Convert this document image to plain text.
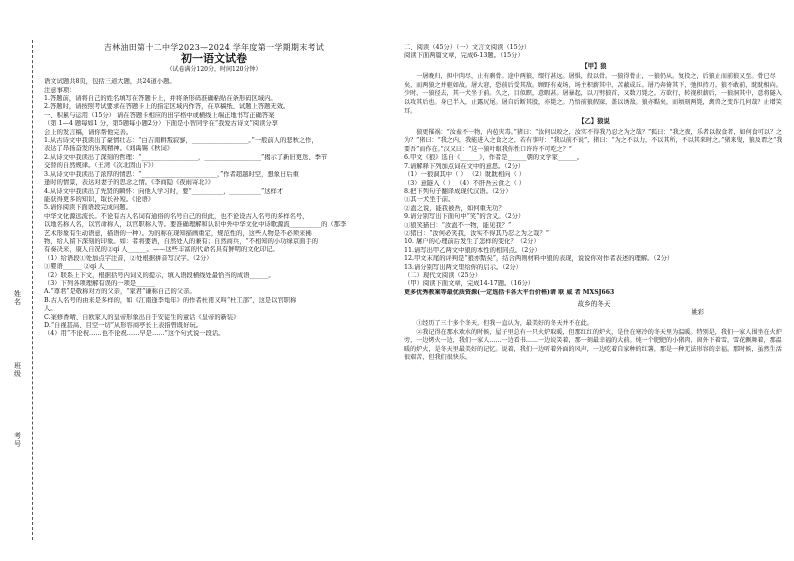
姓名
班级
考号
吉林油田第十二中学2023—2024 学年度第一学期期末考试
初一语文试卷
（试卷满分120分，时间120分钟）
语文试题共8页，包括三道大题，共24道小题。
注意事项：
1.答题前，请将自己的姓名填写在答题卡上，并将条形码准确粘贴在条形码区域内。
2.答题时，请按照考试要求在答题卡上的指定区域内作答，在草稿纸、试题上答题无效。
一、积累与运用（15分） 请在答题卡相应的田字格中或横线上端正地书写正确答案
（第 1—4 题每如1 分，第5题每小题2分）下面是小智同学在“我爱古诗文”阅读分享
会上的发言稿，请你帮他完善。
1.从古诗文中我读出了豪情壮志：“白吉南耕叛寂寥，__________________。”一般前人的悲秋之作，
表达了昂扬奋发的乐观精神。《刘禹锡《秋词》
2.从诗文中我读出了深刻的哲理：“__________________，__________________”揭示了新旧更迭、季节
交替的自然规律。（王湾《次北固山下》）
3.从诗文中我读出了浓厚的情思：“________________________，”作者超越时空，想象日后重
逢时的情景，表达对妻子的思念之情。《李商隐《夜雨寄北》》
4.从诗文中我读出了先贤的瞬怀：向他人学习时，要“__________，__________”这样才
能获得更多的知识，取长补短。《论语》
5.请你阅读下面语段完成问题。
中华文化源远流长。不论有古人名词有通俗的名号自己的但此，也不论设古人名号的多样名号，
以地名称人名，以官命称人，以官职称人等。要准确理解和认识中外中华文化中诗歌源流__________的（那李
艺术形象有生动语意，描语的一种）。为的称在现知描画重定，规范性的，这些人物是不必须来拂
物，给人留下深刻的印象。如：者将要语，自然处人的兼有；自然商兵，“不相知的小功绿京面手的
有奏决来，康人自况的②qí 人______。——这些丰富的代命名具有鲜明的文化印记。
（1）给语段①处加点字注音，②处根据拼音写汉字。（2分）
①婴语______ ②qí 人______
（2）联系上下文，根据括号内词义的提示，填入语段横线处最恰当的成语______。
（3）下列各项理解有误的一项是______
A.“尊君”是敬称对方的父亲，“家君”谦称自己的父亲。
B.古人名号的由来是多样的，如《江南逢李龟年》的作者杜甫又叫“杜工部”，这是以官职称
人。
C.案修香晴、自欧家人的皇帝形象出自于安徒生的童话《皇帝的新装》
D.“自视甚高、目空一切”从形容商亭长上表指曾既好玩。
（4）用“不论祝……也不论祝……早是……”这个句式说一段话。
二、阅读（45分）（一）文言文阅读（15分）
阅读下面两篇文章，完成6-13题。（15分）
【甲】狼

一屠晚归，担中肉尽，止有剩骨。途中两狼，缀行甚远。屠惧，投以骨。一狼得骨止，一狼仍从。复投之，后狼止而前狼又至。骨已尽矣，而两狼之并驱如故。屠大窘，恐前后受其敌。顾野有麦场，场主积薪其中，苫蔽成丘。屠乃奔倚其下，弛担持刀。狼不敢前，眈眈相向。少时，一狼径去，其一犬坐于前。久之，目似瞑，意暇甚。屠暴起，以刀劈狼首，又数刀毙之。方欲行，转视积薪后，一狼洞其中，意将隧入以攻其后也。身已半入，止露尻尾。屠自后断其股，亦毙之。乃悟前狼假寐，盖以诱敌。狼亦黠矣，而顷刻两毙，禽兽之变诈几何哉？止增笑耳。

【乙】狼说

狼更罹祸：“汝盍不一物，内苞灾毒。”猪曰：“汝何以咬之，汝实不得我乃忍之为之哉？”狐曰：“我之夜，乐者以叙食者，如何食可以？之为？”猪曰：“我之内，我能进入之食之之，若有事吁：“我以前不说”，猪曰：“为之不以力，不以其所，不以其来时之。”猪来叟，狼及谓之“我要吾”而作在。”汉又曰：“这一狼叶眼我你性口许许不可吃之？”

6.甲文《狼》选自《______》，作者是______朝的文学家______。
7.请解释下列加点词在文中的意思。（2分）
（1）一狼洞其中（ ） （2）眈眈相向（ ）
（3）意隧入（ ） （4）不肝吾云食之（ ）
8.把下列句子翻译成现代汉语。（2分）
①其一犬坐于前。
②盍之说，能我被吾，如何重无功？
9.请分别写出下面句中“笑”的含义。（2分）
①狼笑猫曰：“汝盍不一物，能见我？”
②猪曰：“汝何必笑我，汝实不得其乃忍之为之哉？”
10. 屠户的心理前后发生了怎样的变化？（2分）
11.请写出甲乙两文中狼的本性的相同点。（2分）
12.甲文末尾的评判是“狼亦黠矣”，结合两则材料中狼的表现，说说你对作者表述的理解。（2分）
13.请分别写出两文里给你的启示。（2分）
（二）现代文阅读（25分）
（甲）阅读下面文章，完成14-17题。（16分）
更多优秀教案等最优质资源(一定选括卡各大平台价格)请 联 威 者 MXSJ663
故乡的冬天
姚彩

①经历了三十多个冬天，但我一直认为，最美好的冬天并不在此。

②我记得在那水欢水的时候，屋子里总有一只火炉取暖，但那红红的炉火，是住在寒冷的冬天里为温暖。特别是，我们一家人围坐在火炉旁，一边烤火一边，我们一家人……一边看书……一边说笑着，那一刻最幸福的大前。炖一个肥肥的小猪肉，窗外下着雪，雪花飘舞着，那温暖的炉火，是冬天里最美好的记忆。说着，我们一边听着外面的风声，一边吃着自家种的红薯，那是一种无法形容的幸福。那时候，虽然生活很艰苦，但我们很快乐。
